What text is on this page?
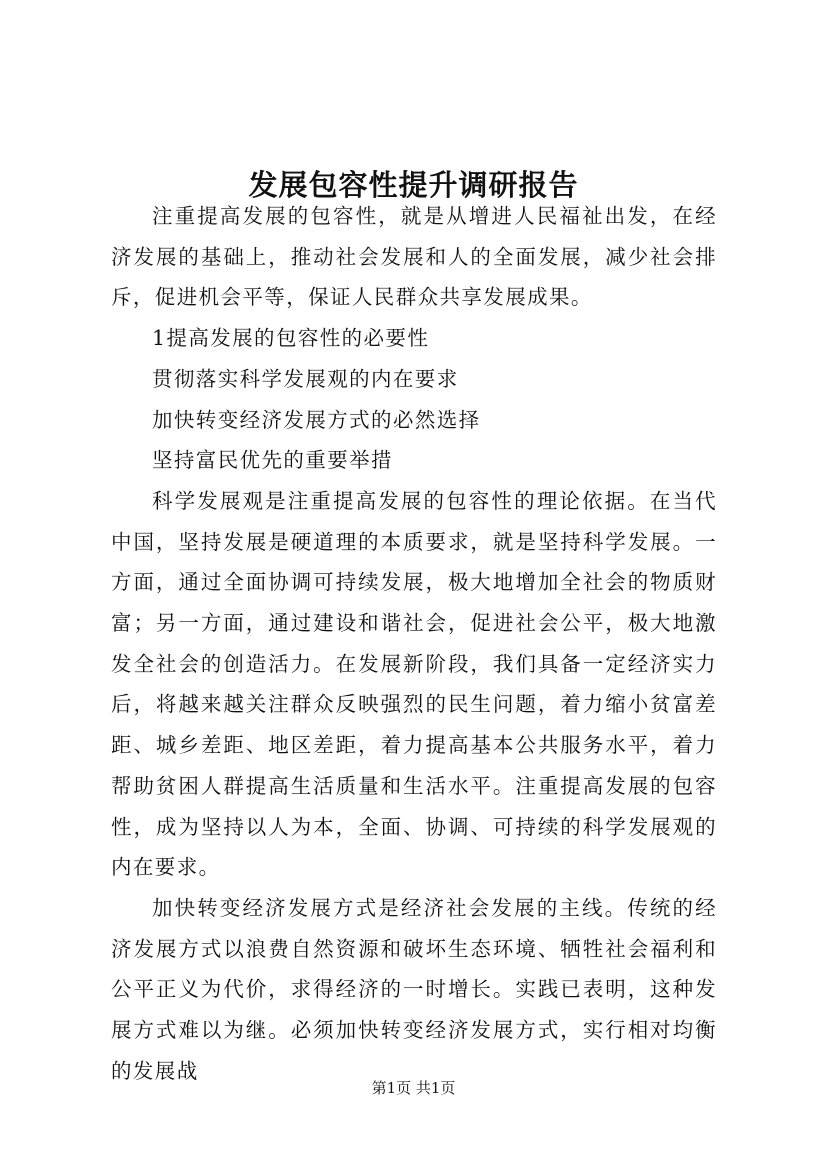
发展包容性提升调研报告

注重提高发展的包容性，就是从增进人民福祉出发，在经济发展的基础上，推动社会发展和人的全面发展，减少社会排斥，促进机会平等，保证人民群众共享发展成果。

1提高发展的包容性的必要性

贯彻落实科学发展观的内在要求

加快转变经济发展方式的必然选择

坚持富民优先的重要举措

科学发展观是注重提高发展的包容性的理论依据。在当代中国，坚持发展是硬道理的本质要求，就是坚持科学发展。一方面，通过全面协调可持续发展，极大地增加全社会的物质财富；另一方面，通过建设和谐社会，促进社会公平，极大地激发全社会的创造活力。在发展新阶段，我们具备一定经济实力后，将越来越关注群众反映强烈的民生问题，着力缩小贫富差距、城乡差距、地区差距，着力提高基本公共服务水平，着力帮助贫困人群提高生活质量和生活水平。注重提高发展的包容性，成为坚持以人为本，全面、协调、可持续的科学发展观的内在要求。

加快转变经济发展方式是经济社会发展的主线。传统的经济发展方式以浪费自然资源和破坏生态环境、牺牲社会福利和公平正义为代价，求得经济的一时增长。实践已表明，这种发展方式难以为继。必须加快转变经济发展方式，实行相对均衡的发展战

第1页 共1页
